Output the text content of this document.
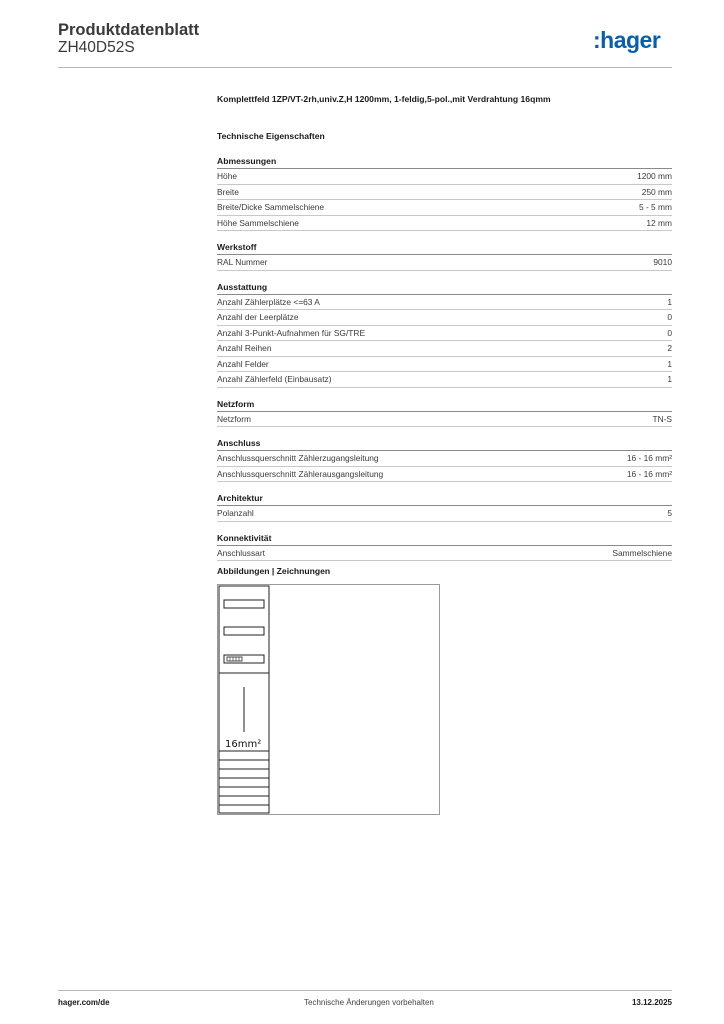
Produktdatenblatt
ZH40D52S	:hager
Komplettfeld 1ZP/VT-2rh,univ.Z,H 1200mm, 1-feldig,5-pol.,mit Verdrahtung 16qmm
Technische Eigenschaften
Abmessungen
Höhe	1200 mm
Breite	250 mm
Breite/Dicke Sammelschiene	5 - 5 mm
Höhe Sammelschiene	12 mm
Werkstoff
RAL Nummer	9010
Ausstattung
Anzahl Zählerplätze <=63 A	1
Anzahl der Leerplätze	0
Anzahl 3-Punkt-Aufnahmen für SG/TRE	0
Anzahl Reihen	2
Anzahl Felder	1
Anzahl Zählerfeld (Einbausatz)	1
Netzform
Netzform	TN-S
Anschluss
Anschlussquerschnitt Zählerzugangsleitung	16 - 16 mm²
Anschlussquerschnitt Zählerausgangsleitung	16 - 16 mm²
Architektur
Polanzahl	5
Konnektivität
Anschlussart	Sammelschiene
Abbildungen | Zeichnungen
16mm²
hager.com/de	Technische Änderungen vorbehalten	13.12.2025
